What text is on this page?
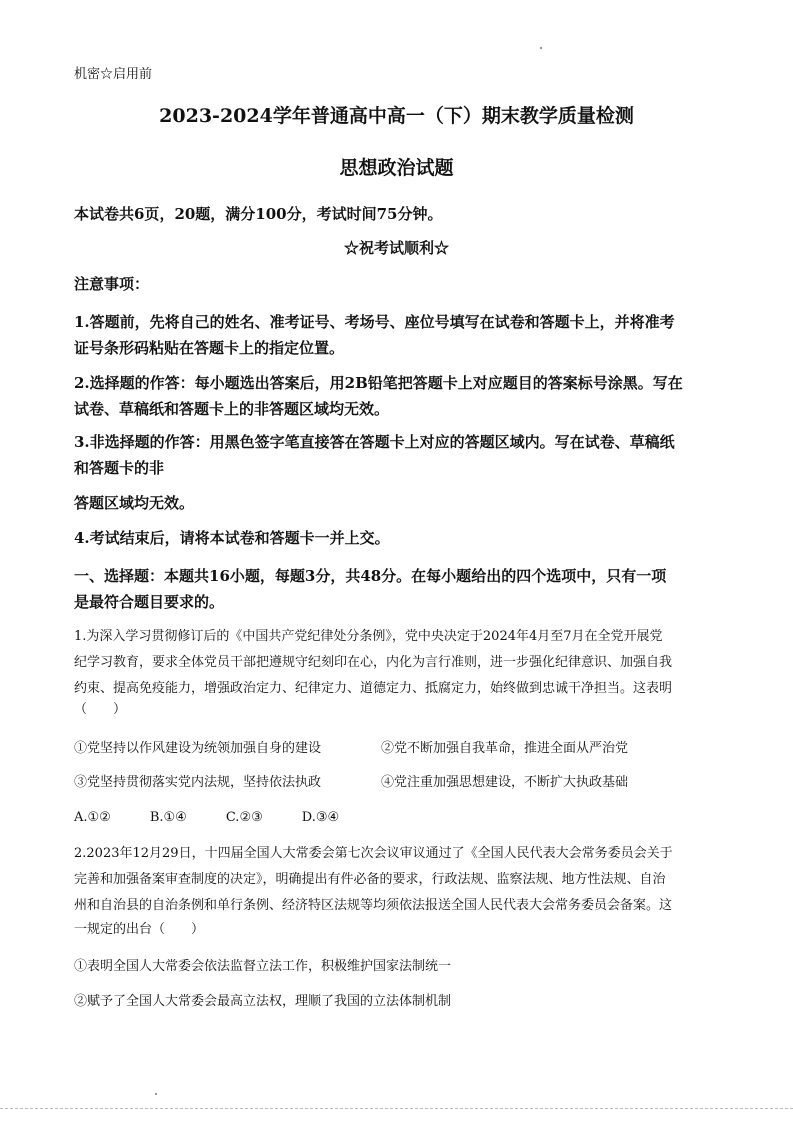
机密☆启用前
2023-2024学年普通高中高一（下）期末教学质量检测
思想政治试题
本试卷共6页，20题，满分100分，考试时间75分钟。
☆祝考试顺利☆
注意事项：
1.答题前，先将自己的姓名、准考证号、考场号、座位号填写在试卷和答题卡上，并将准考
证号条形码粘贴在答题卡上的指定位置。
2.选择题的作答：每小题选出答案后，用2B铅笔把答题卡上对应题目的答案标号涂黑。写在
试卷、草稿纸和答题卡上的非答题区域均无效。
3.非选择题的作答：用黑色签字笔直接答在答题卡上对应的答题区域内。写在试卷、草稿纸
和答题卡的非
答题区域均无效。
4.考试结束后，请将本试卷和答题卡一并上交。
一、选择题：本题共16小题，每题3分，共48分。在每小题给出的四个选项中，只有一项
是最符合题目要求的。
1.为深入学习贯彻修订后的《中国共产党纪律处分条例》，党中央决定于2024年4月至7月在全党开展党
纪学习教育，要求全体党员干部把遵规守纪刻印在心，内化为言行准则，进一步强化纪律意识、加强自我
约束、提高免疫能力，增强政治定力、纪律定力、道德定力、抵腐定力，始终做到忠诚干净担当。这表明
（　　）
①党坚持以作风建设为统领加强自身的建设	②党不断加强自我革命，推进全面从严治党
③党坚持贯彻落实党内法规，坚持依法执政	④党注重加强思想建设，不断扩大执政基础
A.①②　　　B.①④　　　C.②③　　　D.③④
2.2023年12月29日，十四届全国人大常委会第七次会议审议通过了《全国人民代表大会常务委员会关于
完善和加强备案审查制度的决定》，明确提出有件必备的要求，行政法规、监察法规、地方性法规、自治
州和自治县的自治条例和单行条例、经济特区法规等均须依法报送全国人民代表大会常务委员会备案。这
一规定的出台（　　）
①表明全国人大常委会依法监督立法工作，积极维护国家法制统一
②赋予了全国人大常委会最高立法权，理顺了我国的立法体制机制
